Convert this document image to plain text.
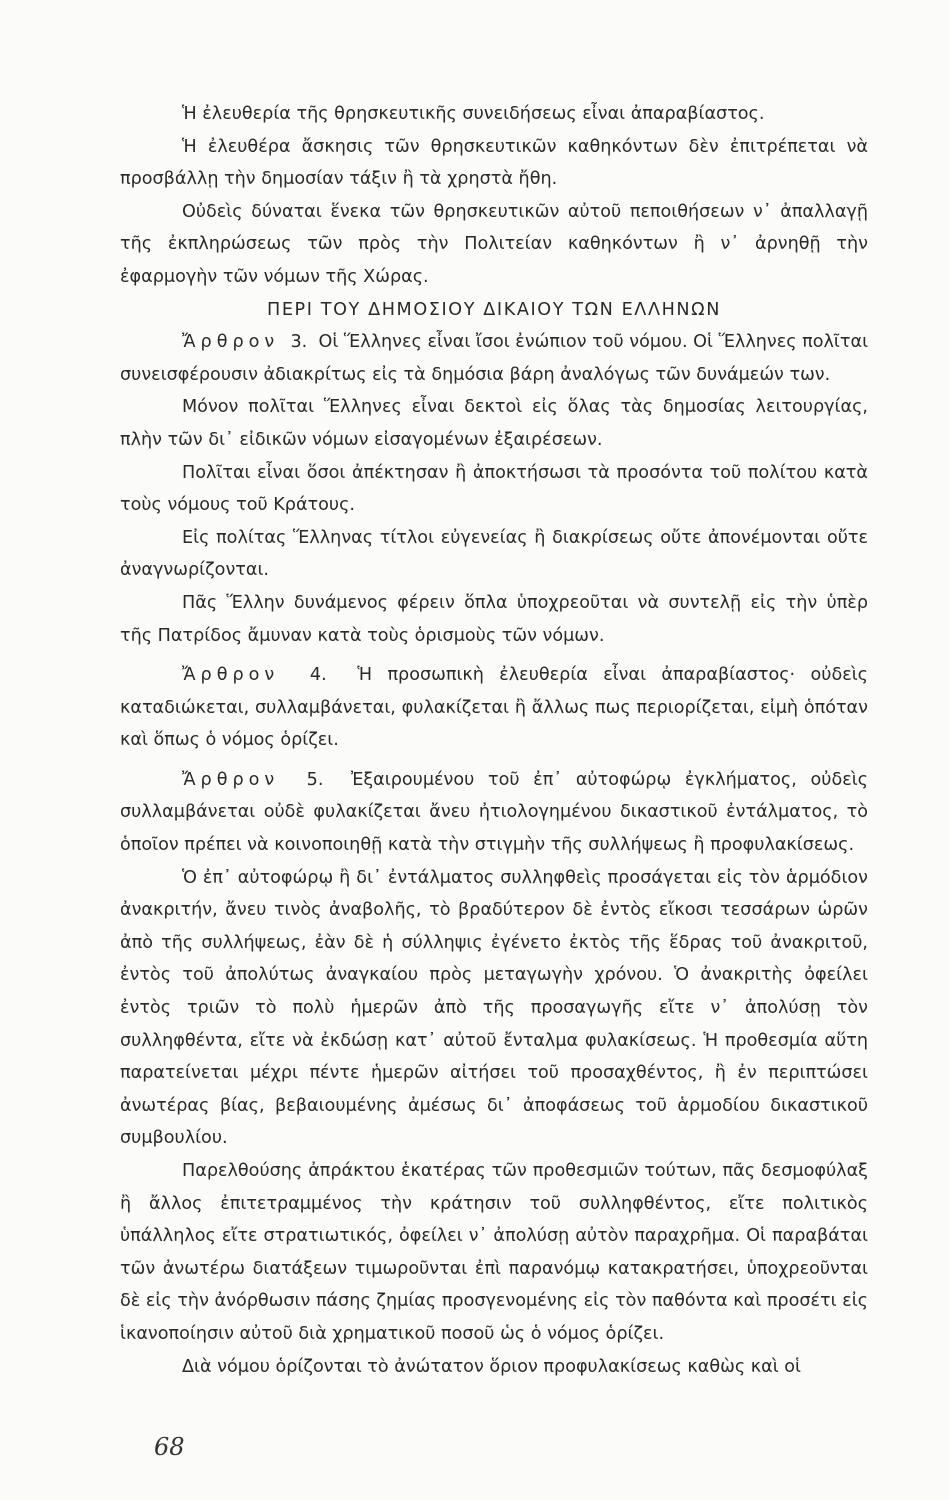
Ἡ ἐλευθερία τῆς θρησκευτικῆς συνειδήσεως εἶναι ἀπαραβίαστος.

Ἡ ἐλευθέρα ἄσκησις τῶν θρησκευτικῶν καθηκόντων δὲν ἐπιτρέπεται νὰ προσβάλλῃ τὴν δημοσίαν τάξιν ἢ τὰ χρηστὰ ἤθη.

Οὐδεὶς δύναται ἕνεκα τῶν θρησκευτικῶν αὐτοῦ πεποιθήσεων ν᾽ ἀπαλλαγῇ τῆς ἐκπληρώσεως τῶν πρὸς τὴν Πολιτείαν καθηκόντων ἢ ν᾽ ἀρνηθῇ τὴν ἐφαρμογὴν τῶν νόμων τῆς Χώρας.

ΠΕΡΙ ΤΟΥ ΔΗΜΟΣΙΟΥ ΔΙΚΑΙΟΥ ΤΩΝ ΕΛΛΗΝΩΝ

Ἄρθρον 3. Οἱ Ἕλληνες εἶναι ἴσοι ἐνώπιον τοῦ νόμου. Οἱ Ἕλληνες πολῖται συνεισφέρουσιν ἀδιακρίτως εἰς τὰ δημόσια βάρη ἀναλόγως τῶν δυνάμεών των.

Μόνον πολῖται Ἕλληνες εἶναι δεκτοὶ εἰς ὅλας τὰς δημοσίας λειτουργίας, πλὴν τῶν δι᾽ εἰδικῶν νόμων εἰσαγομένων ἐξαιρέσεων.

Πολῖται εἶναι ὅσοι ἀπέκτησαν ἢ ἀποκτήσωσι τὰ προσόντα τοῦ πολίτου κατὰ τοὺς νόμους τοῦ Κράτους.

Εἰς πολίτας Ἕλληνας τίτλοι εὐγενείας ἢ διακρίσεως οὔτε ἀπονέμονται οὔτε ἀναγνωρίζονται.

Πᾶς Ἕλλην δυνάμενος φέρειν ὅπλα ὑποχρεοῦται νὰ συντελῇ εἰς τὴν ὑπὲρ τῆς Πατρίδος ἄμυναν κατὰ τοὺς ὁρισμοὺς τῶν νόμων.

Ἄρθρον 4. Ἡ προσωπικὴ ἐλευθερία εἶναι ἀπαραβίαστος· οὐδεὶς καταδιώκεται, συλλαμβάνεται, φυλακίζεται ἢ ἄλλως πως περιορίζεται, εἰμὴ ὁπόταν καὶ ὅπως ὁ νόμος ὁρίζει.

Ἄρθρον 5. Ἐξαιρουμένου τοῦ ἐπ᾽ αὐτοφώρῳ ἐγκλήματος, οὐδεὶς συλλαμβάνεται οὐδὲ φυλακίζεται ἄνευ ἠτιολογημένου δικαστικοῦ ἐντάλματος, τὸ ὁποῖον πρέπει νὰ κοινοποιηθῇ κατὰ τὴν στιγμὴν τῆς συλλήψεως ἢ προφυλακίσεως.

Ὁ ἐπ᾽ αὐτοφώρῳ ἢ δι᾽ ἐντάλματος συλληφθεὶς προσάγεται εἰς τὸν ἁρμόδιον ἀνακριτήν, ἄνευ τινὸς ἀναβολῆς, τὸ βραδύτερον δὲ ἐντὸς εἴκοσι τεσσάρων ὡρῶν ἀπὸ τῆς συλλήψεως, ἐὰν δὲ ἡ σύλληψις ἐγένετο ἐκτὸς τῆς ἕδρας τοῦ ἀνακριτοῦ, ἐντὸς τοῦ ἀπολύτως ἀναγκαίου πρὸς μεταγωγὴν χρόνου. Ὁ ἀνακριτὴς ὀφείλει ἐντὸς τριῶν τὸ πολὺ ἡμερῶν ἀπὸ τῆς προσαγωγῆς εἴτε ν᾽ ἀπολύσῃ τὸν συλληφθέντα, εἴτε νὰ ἐκδώσῃ κατ᾽ αὐτοῦ ἔνταλμα φυλακίσεως. Ἡ προθεσμία αὕτη παρατείνεται μέχρι πέντε ἡμερῶν αἰτήσει τοῦ προσαχθέντος, ἢ ἐν περιπτώσει ἀνωτέρας βίας, βεβαιουμένης ἀμέσως δι᾽ ἀποφάσεως τοῦ ἁρμοδίου δικαστικοῦ συμβουλίου.

Παρελθούσης ἀπράκτου ἑκατέρας τῶν προθεσμιῶν τούτων, πᾶς δεσμοφύλαξ ἢ ἄλλος ἐπιτετραμμένος τὴν κράτησιν τοῦ συλληφθέντος, εἴτε πολιτικὸς ὑπάλληλος εἴτε στρατιωτικός, ὀφείλει ν᾽ ἀπολύσῃ αὐτὸν παραχρῆμα. Οἱ παραβάται τῶν ἀνωτέρω διατάξεων τιμωροῦνται ἐπὶ παρανόμῳ κατακρατήσει, ὑποχρεοῦνται δὲ εἰς τὴν ἀνόρθωσιν πάσης ζημίας προσγενομένης εἰς τὸν παθόντα καὶ προσέτι εἰς ἱκανοποίησιν αὐτοῦ διὰ χρηματικοῦ ποσοῦ ὡς ὁ νόμος ὁρίζει.

Διὰ νόμου ὁρίζονται τὸ ἀνώτατον ὅριον προφυλακίσεως καθὼς καὶ οἱ

68
